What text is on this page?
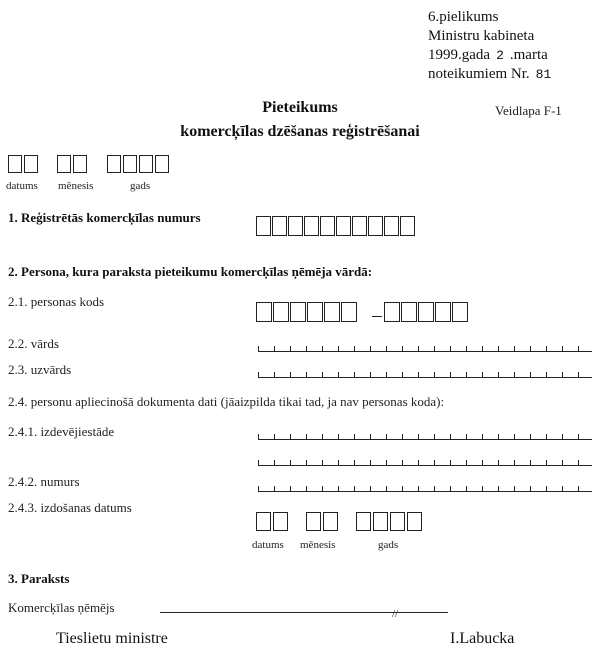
6.pielikums
Ministru kabineta
1999.gada 2 .marta
noteikumiem Nr. 81
Veidlapa F-1
Pieteikums
komercķīlas dzēšanas reģistrēšanai
datums mēnesis	gads
1. Reģistrētās komercķīlas numurs
2. Persona, kura paraksta pieteikumu komercķīlas ņēmēja vārdā:
2.1. personas kods
2.2. vārds
2.3. uzvārds
2.4. personu apliecinošā dokumenta dati (jāaizpilda tikai tad, ja nav personas koda):
2.4.1. izdevējiestāde
2.4.2. numurs
2.4.3. izdošanas datums
datums mēnesis	gads
3. Paraksts
Komercķīlas ņēmējs	//
Tieslietu ministre	I.Labucka
